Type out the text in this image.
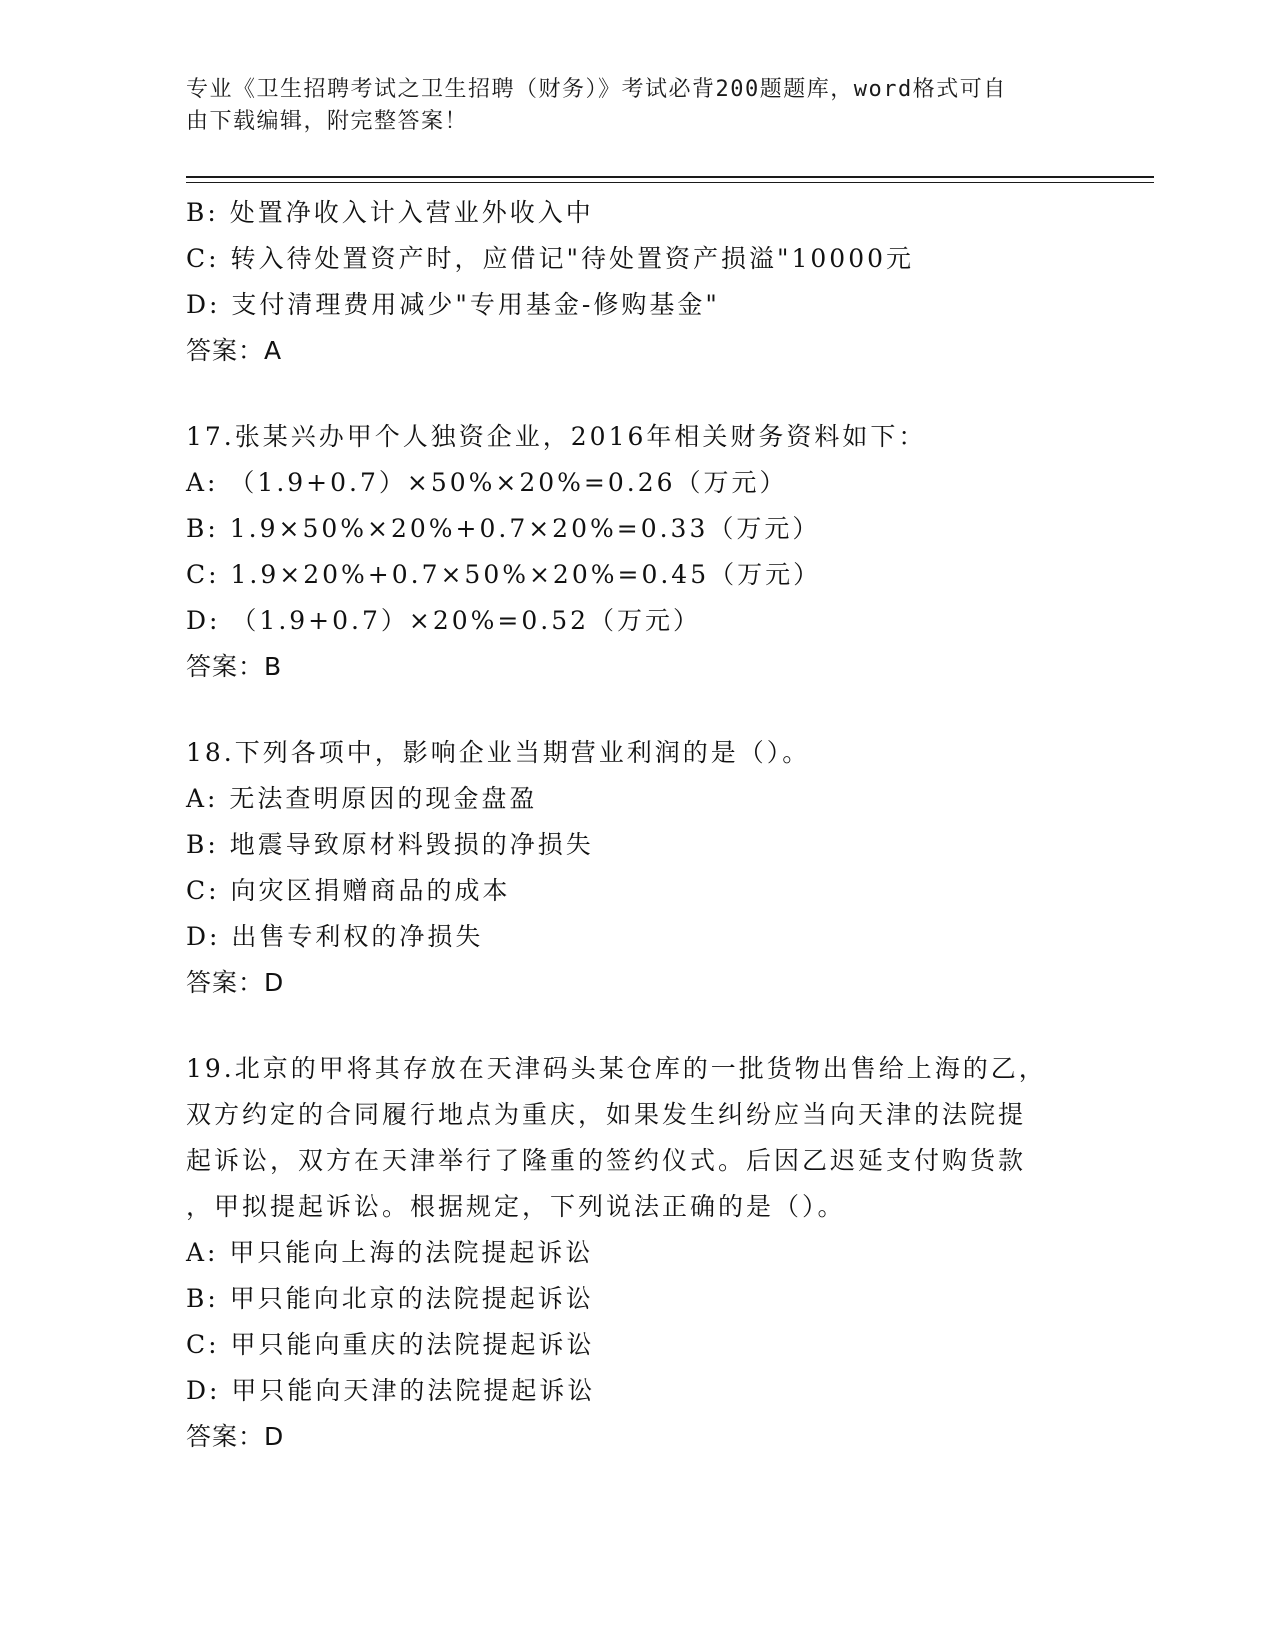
专业《卫生招聘考试之卫生招聘（财务）》考试必背200题题库，word格式可自
由下载编辑，附完整答案！
B: 处置净收入计入营业外收入中
C: 转入待处置资产时，应借记"待处置资产损溢"10000元
D: 支付清理费用减少"专用基金-修购基金"
答案：A
17.张某兴办甲个人独资企业，2016年相关财务资料如下：
A: （1.9+0.7）×50%×20%=0.26（万元）
B: 1.9×50%×20%+0.7×20%=0.33（万元）
C: 1.9×20%+0.7×50%×20%=0.45（万元）
D: （1.9+0.7）×20%=0.52（万元）
答案：B
18.下列各项中，影响企业当期营业利润的是（）。
A: 无法查明原因的现金盘盈
B: 地震导致原材料毁损的净损失
C: 向灾区捐赠商品的成本
D: 出售专利权的净损失
答案：D
19.北京的甲将其存放在天津码头某仓库的一批货物出售给上海的乙，
双方约定的合同履行地点为重庆，如果发生纠纷应当向天津的法院提
起诉讼，双方在天津举行了隆重的签约仪式。后因乙迟延支付购货款
，甲拟提起诉讼。根据规定，下列说法正确的是（）。
A: 甲只能向上海的法院提起诉讼
B: 甲只能向北京的法院提起诉讼
C: 甲只能向重庆的法院提起诉讼
D: 甲只能向天津的法院提起诉讼
答案：D
